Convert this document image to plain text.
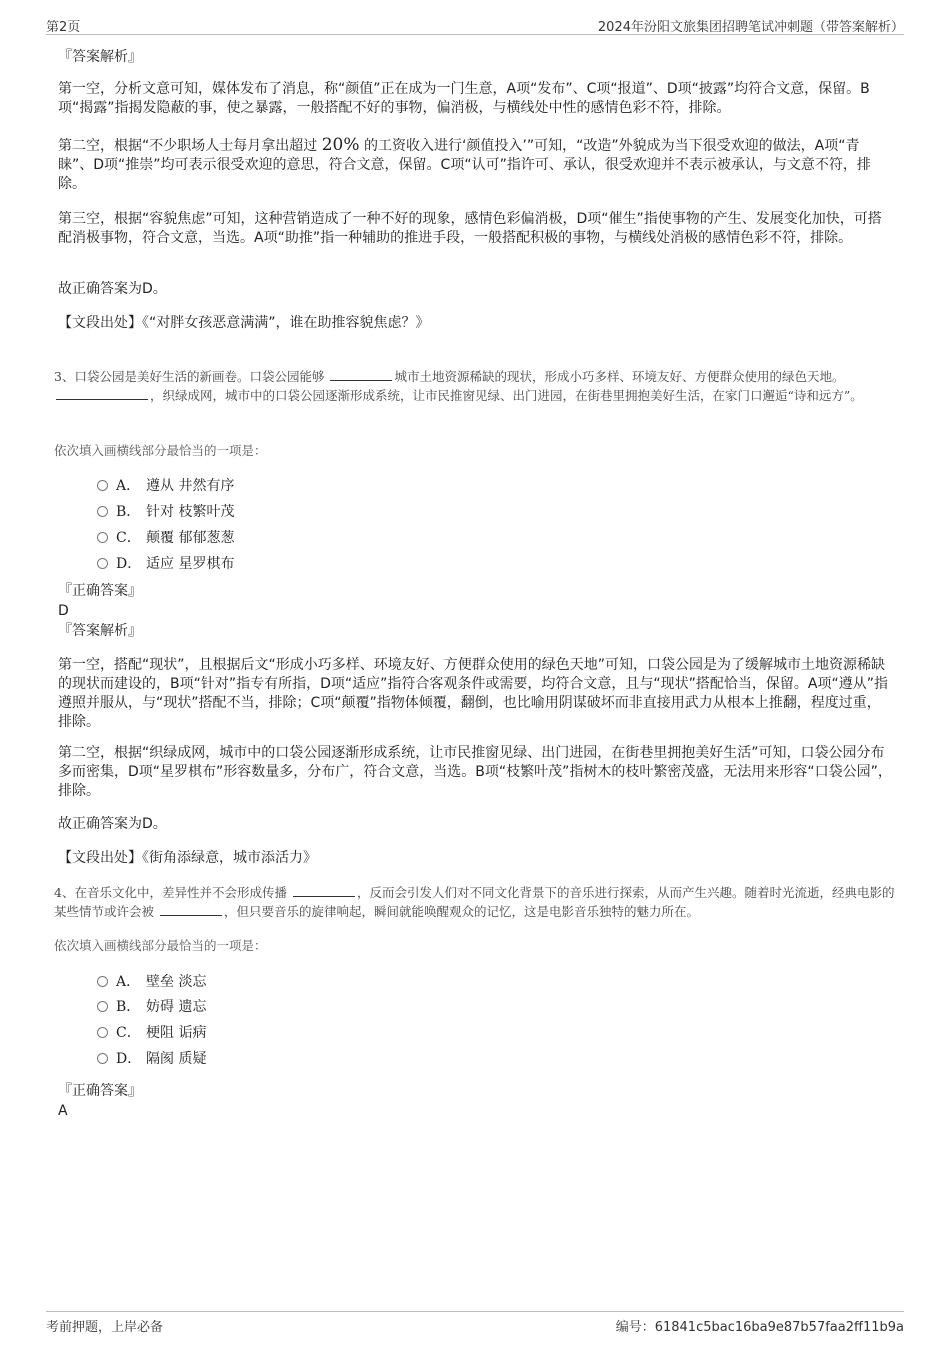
第2页	2024年汾阳文旅集团招聘笔试冲刺题（带答案解析）

『答案解析』

第一空，分析文意可知，媒体发布了消息，称“颜值”正在成为一门生意，A项“发布”、C项“报道”、D项“披露”均符合文意，保留。B项“揭露”指揭发隐蔽的事，使之暴露，一般搭配不好的事物，偏消极，与横线处中性的感情色彩不符，排除。

第二空，根据“不少职场人士每月拿出超过 20% 的工资收入进行‘颜值投入’”可知，“改造”外貌成为当下很受欢迎的做法，A项“青睐”、D项“推崇”均可表示很受欢迎的意思，符合文意，保留。C项“认可”指许可、承认，很受欢迎并不表示被承认，与文意不符，排除。

第三空，根据“容貌焦虑”可知，这种营销造成了一种不好的现象，感情色彩偏消极，D项“催生”指使事物的产生、发展变化加快，可搭配消极事物，符合文意，当选。A项“助推”指一种辅助的推进手段，一般搭配积极的事物，与横线处消极的感情色彩不符，排除。

故正确答案为D。

【文段出处】《“对胖女孩恶意满满”，谁在助推容貌焦虑？》

3、口袋公园是美好生活的新画卷。口袋公园能够	城市土地资源稀缺的现状，形成小巧多样、环境友好、方便群众使用的绿色天地。 ，织绿成网，城市中的口袋公园逐渐形成系统，让市民推窗见绿、出门进园，在街巷里拥抱美好生活，在家门口邂逅“诗和远方”。

依次填入画横线部分最恰当的一项是：

A． 遵从 井然有序
B． 针对 枝繁叶茂
C． 颠覆 郁郁葱葱
D． 适应 星罗棋布

『正确答案』

D

『答案解析』

第一空，搭配“现状”，且根据后文“形成小巧多样、环境友好、方便群众使用的绿色天地”可知，口袋公园是为了缓解城市土地资源稀缺的现状而建设的，B项“针对”指专有所指，D项“适应”指符合客观条件或需要，均符合文意，且与“现状”搭配恰当，保留。A项“遵从”指遵照并服从，与“现状”搭配不当，排除；C项“颠覆”指物体倾覆，翻倒，也比喻用阴谋破坏而非直接用武力从根本上推翻，程度过重，排除。

第二空，根据“织绿成网，城市中的口袋公园逐渐形成系统，让市民推窗见绿、出门进园，在街巷里拥抱美好生活”可知，口袋公园分布多而密集，D项“星罗棋布”形容数量多，分布广，符合文意，当选。B项“枝繁叶茂”指树木的枝叶繁密茂盛，无法用来形容“口袋公园”，排除。

故正确答案为D。

【文段出处】《街角添绿意，城市添活力》

4、在音乐文化中，差异性并不会形成传播	，反而会引发人们对不同文化背景下的音乐进行探索，从而产生兴趣。随着时光流逝，经典电影的某些情节或许会被	，但只要音乐的旋律响起，瞬间就能唤醒观众的记忆，这是电影音乐独特的魅力所在。

依次填入画横线部分最恰当的一项是：

A． 壁垒 淡忘
B． 妨碍 遗忘
C． 梗阻 诟病
D． 隔阂 质疑

『正确答案』

A

考前押题，上岸必备	编号：61841c5bac16ba9e87b57faa2ff11b9a
